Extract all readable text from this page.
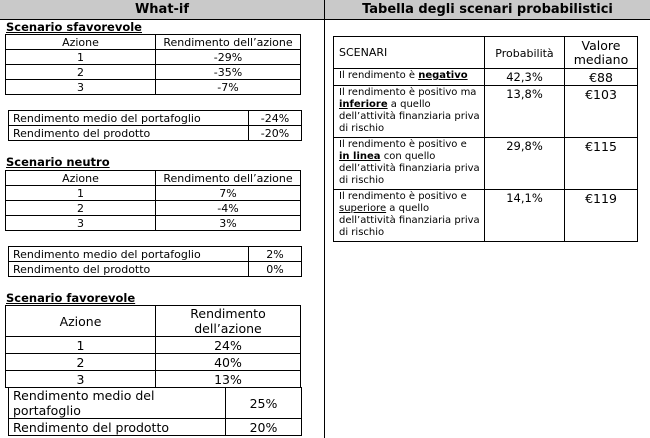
What-if	Tabella degli scenari probabilistici
Scenario sfavorevole
Azione	Rendimento dell’azione
1	-29%
2	-35%
3	-7%
Rendimento medio del portafoglio	-24%
Rendimento del prodotto	-20%
Scenario neutro
Azione	Rendimento dell’azione
1	7%
2	-4%
3	3%
Rendimento medio del portafoglio	2%
Rendimento del prodotto	0%
Scenario favorevole
Azione	Rendimento dell’azione
1	24%
2	40%
3	13%
Rendimento medio del portafoglio	25%
Rendimento del prodotto	20%
SCENARI	Probabilità	Valore mediano
Il rendimento è negativo	42,3%	€88
Il rendimento è positivo ma inferiore a quello dell’attività finanziaria priva di rischio	13,8%	€103
Il rendimento è positivo e in linea con quello dell’attività finanziaria priva di rischio	29,8%	€115
Il rendimento è positivo e superiore a quello dell’attività finanziaria priva di rischio	14,1%	€119
